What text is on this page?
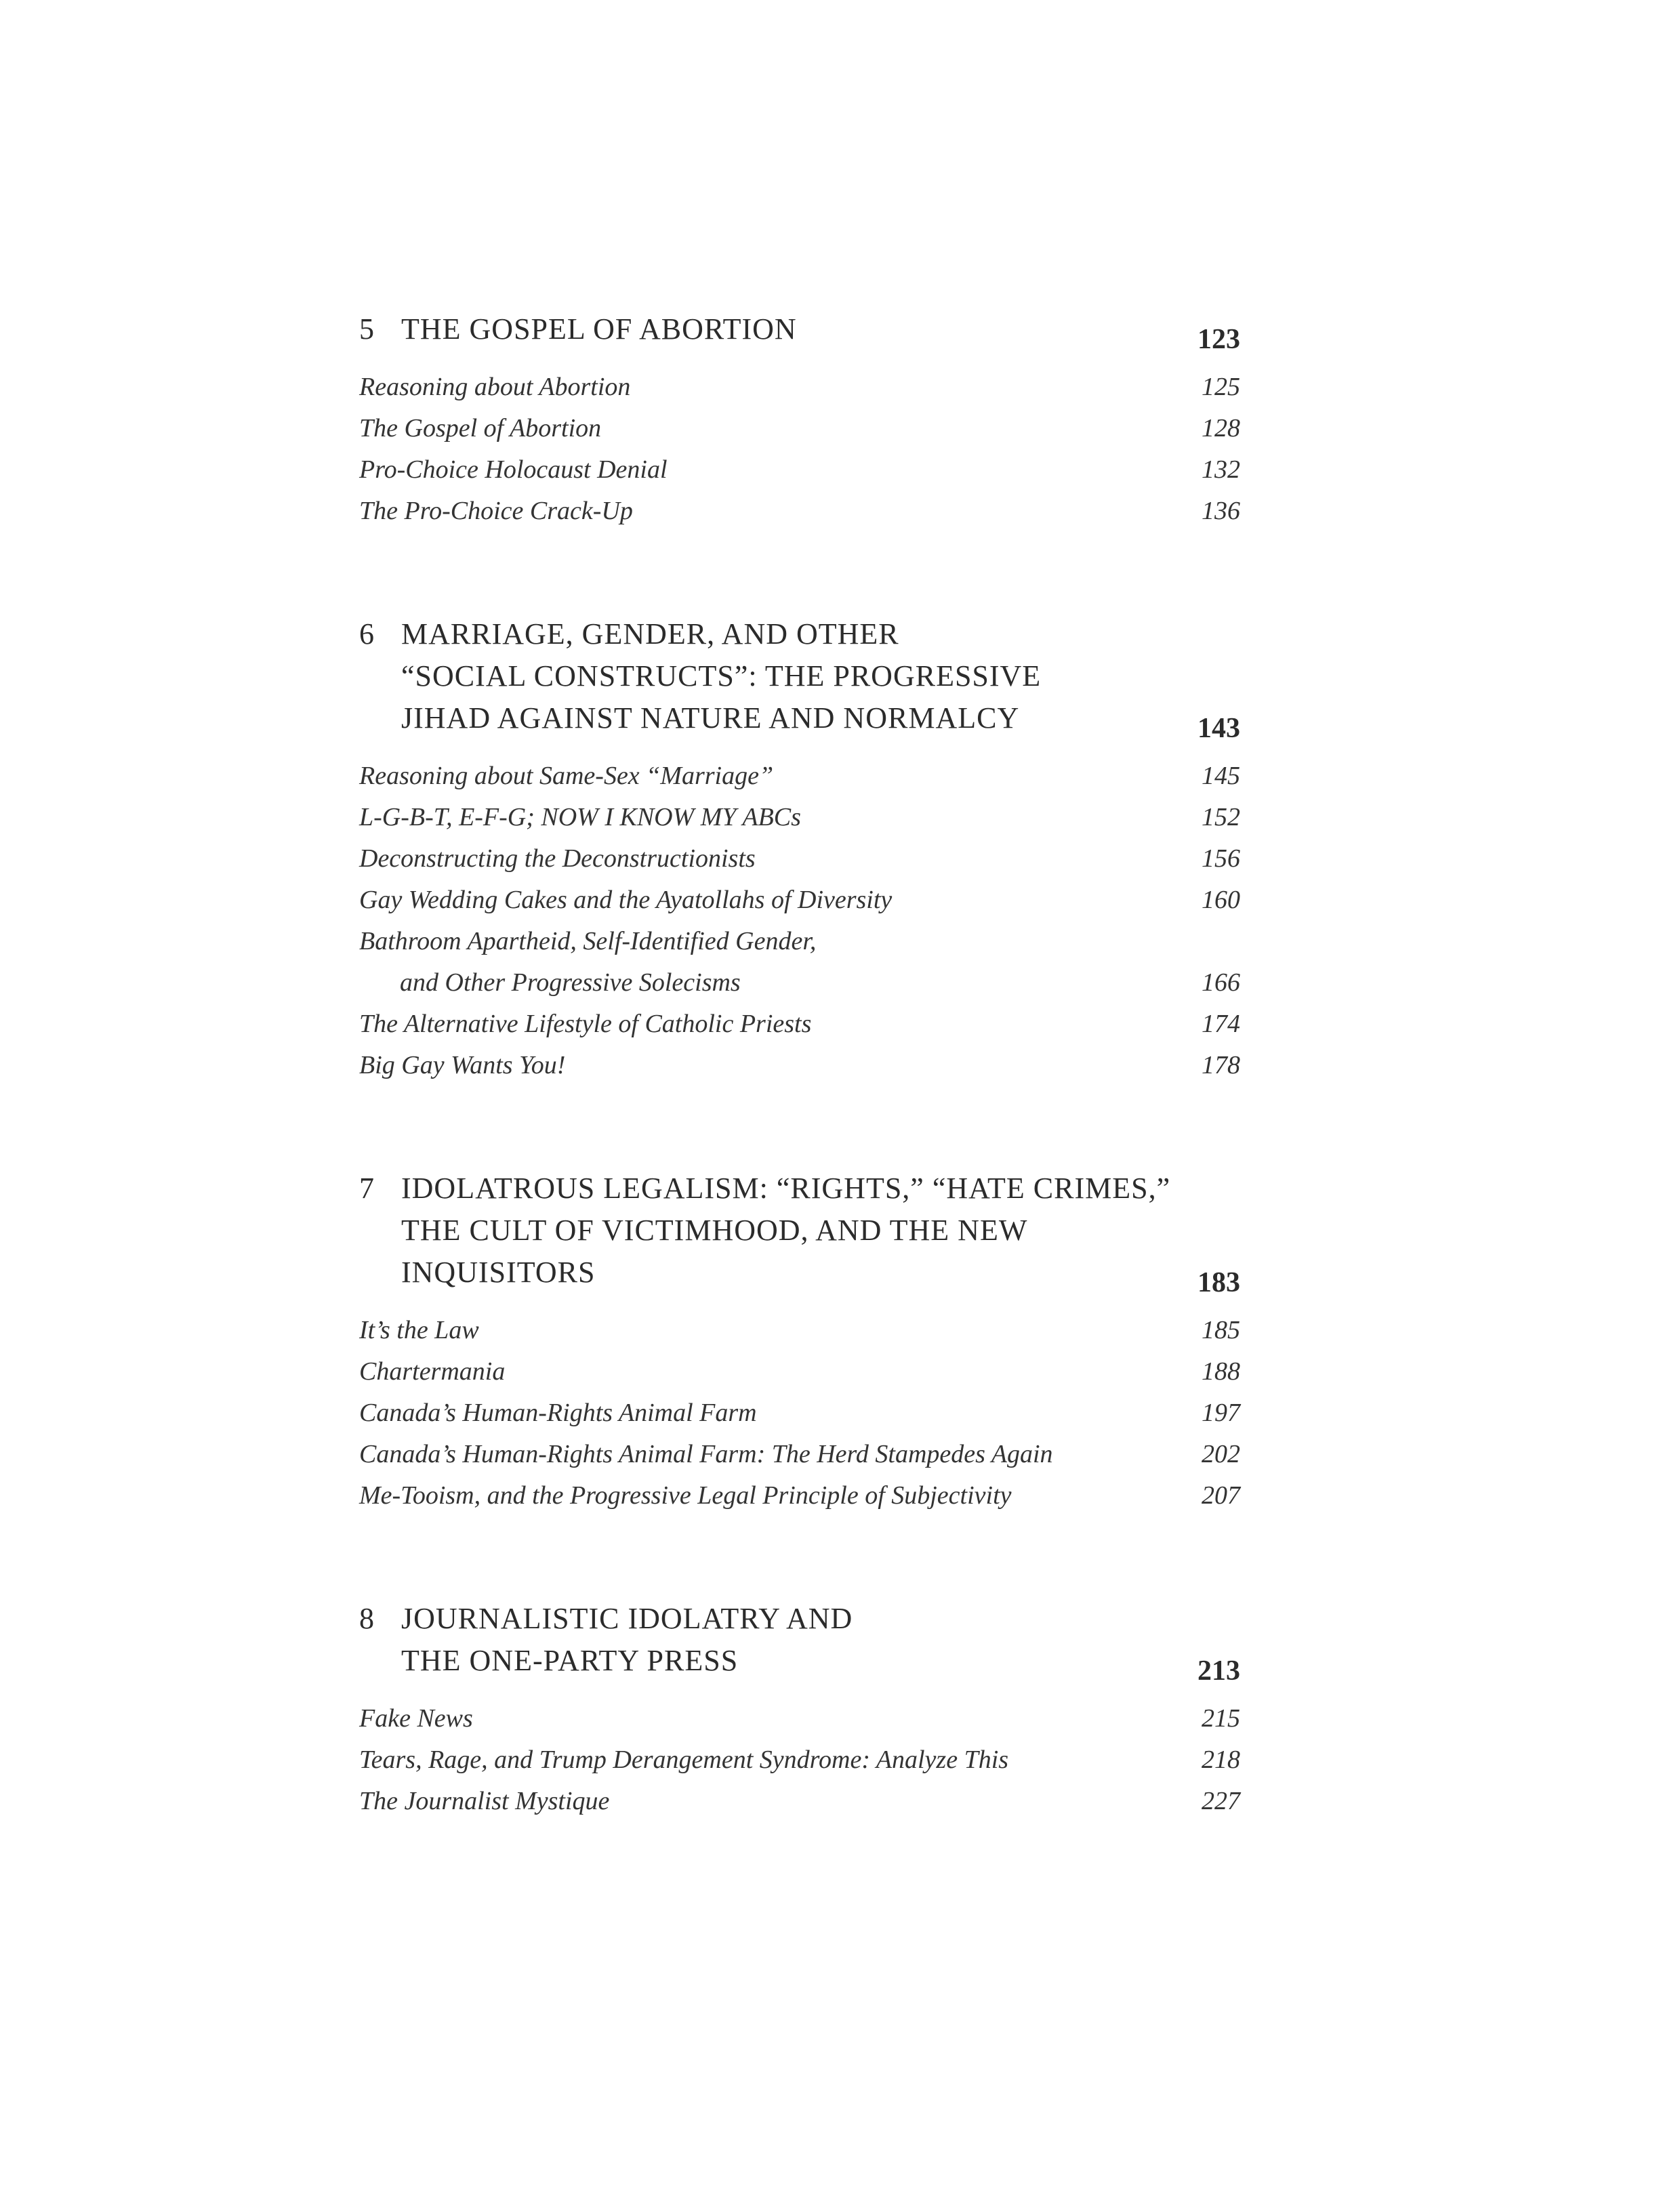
5 THE GOSPEL OF ABORTION	123
Reasoning about Abortion	125
The Gospel of Abortion	128
Pro-Choice Holocaust Denial	132
The Pro-Choice Crack-Up	136
6 MARRIAGE, GENDER, AND OTHER
“SOCIAL CONSTRUCTS”: THE PROGRESSIVE
JIHAD AGAINST NATURE AND NORMALCY	143
Reasoning about Same-Sex “Marriage”	145
L-G-B-T, E-F-G; NOW I KNOW MY ABCs	152
Deconstructing the Deconstructionists	156
Gay Wedding Cakes and the Ayatollahs of Diversity	160
Bathroom Apartheid, Self-Identified Gender,
and Other Progressive Solecisms	166
The Alternative Lifestyle of Catholic Priests	174
Big Gay Wants You!	178
7 IDOLATROUS LEGALISM: “RIGHTS,” “HATE CRIMES,”
THE CULT OF VICTIMHOOD, AND THE NEW
INQUISITORS	183
It’s the Law	185
Chartermania	188
Canada’s Human-Rights Animal Farm	197
Canada’s Human-Rights Animal Farm: The Herd Stampedes Again	202
Me-Tooism, and the Progressive Legal Principle of Subjectivity	207
8 JOURNALISTIC IDOLATRY AND
THE ONE-PARTY PRESS	213
Fake News	215
Tears, Rage, and Trump Derangement Syndrome: Analyze This	218
The Journalist Mystique	227
